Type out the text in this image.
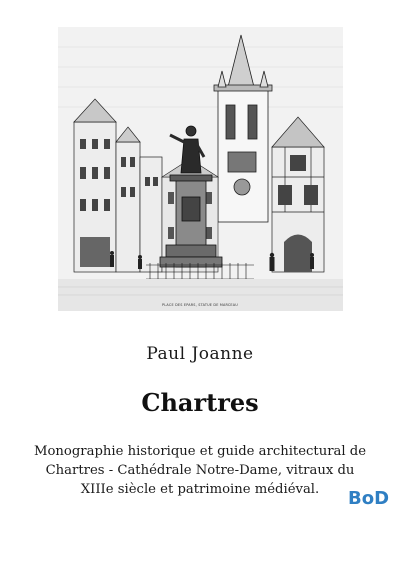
PLACE DES EPARS, STATUE DE MARCEAU
Paul Joanne
Chartres
Monographie historique et guide architectural de Chartres - Cathédrale Notre-Dame, vitraux du XIIIe siècle et patrimoine médiéval.	BoD
